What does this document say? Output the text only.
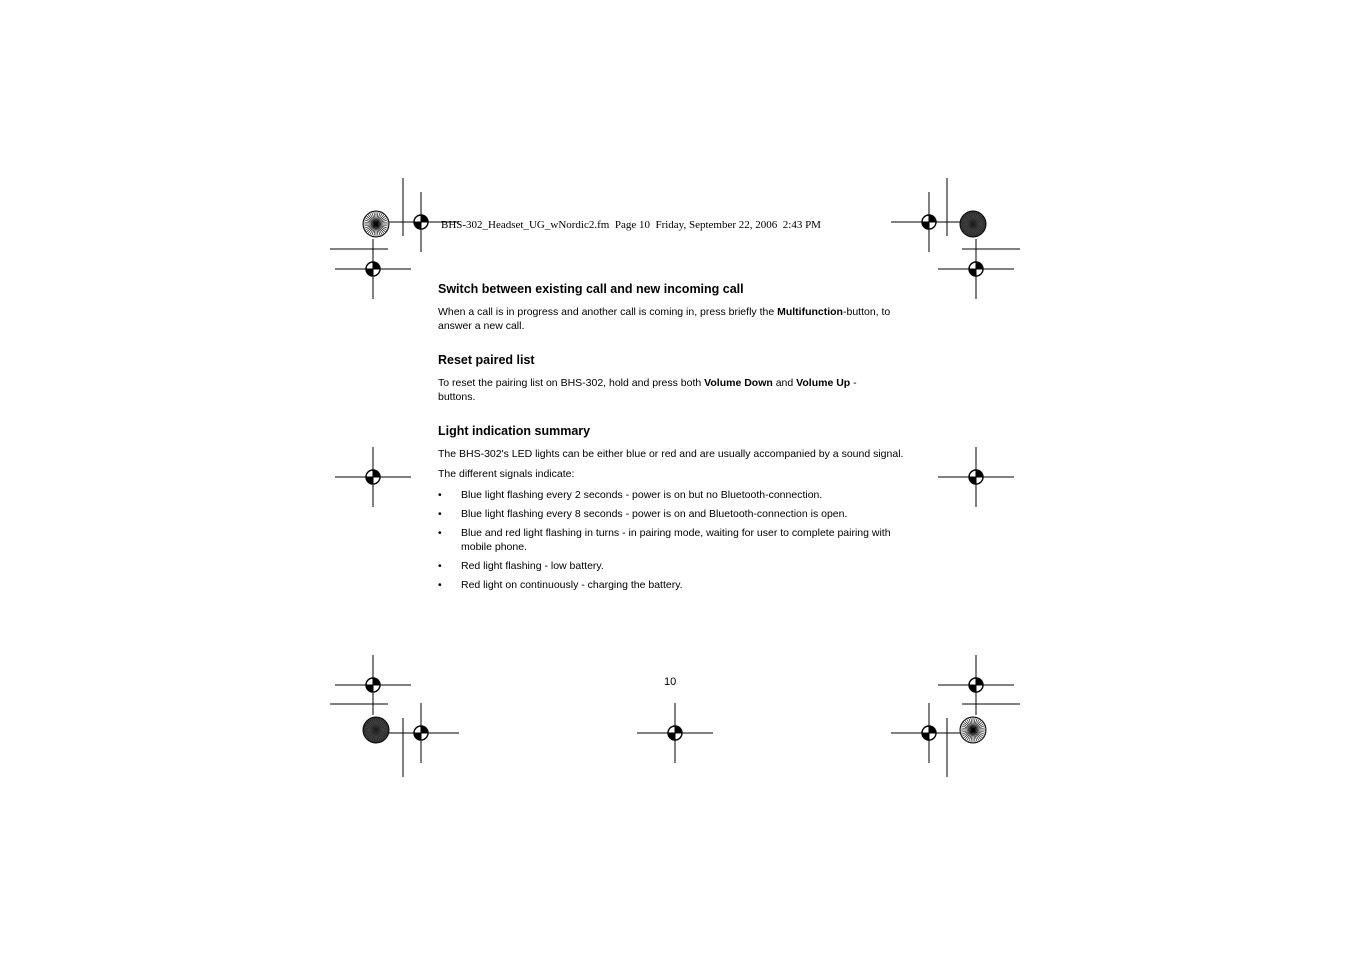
BHS-302_Headset_UG_wNordic2.fm  Page 10  Friday, September 22, 2006  2:43 PM
Switch between existing call and new incoming call

When a call is in progress and another call is coming in, press briefly the Multifunction-button, to answer a new call.

Reset paired list

To reset the pairing list on BHS-302, hold and press both Volume Down and Volume Up -buttons.

Light indication summary

The BHS-302's LED lights can be either blue or red and are usually accompanied by a sound signal.

The different signals indicate:

• Blue light flashing every 2 seconds - power is on but no Bluetooth-connection.
• Blue light flashing every 8 seconds - power is on and Bluetooth-connection is open.
• Blue and red light flashing in turns - in pairing mode, waiting for user to complete pairing with mobile phone.
• Red light flashing - low battery.
• Red light on continuously - charging the battery.
10
